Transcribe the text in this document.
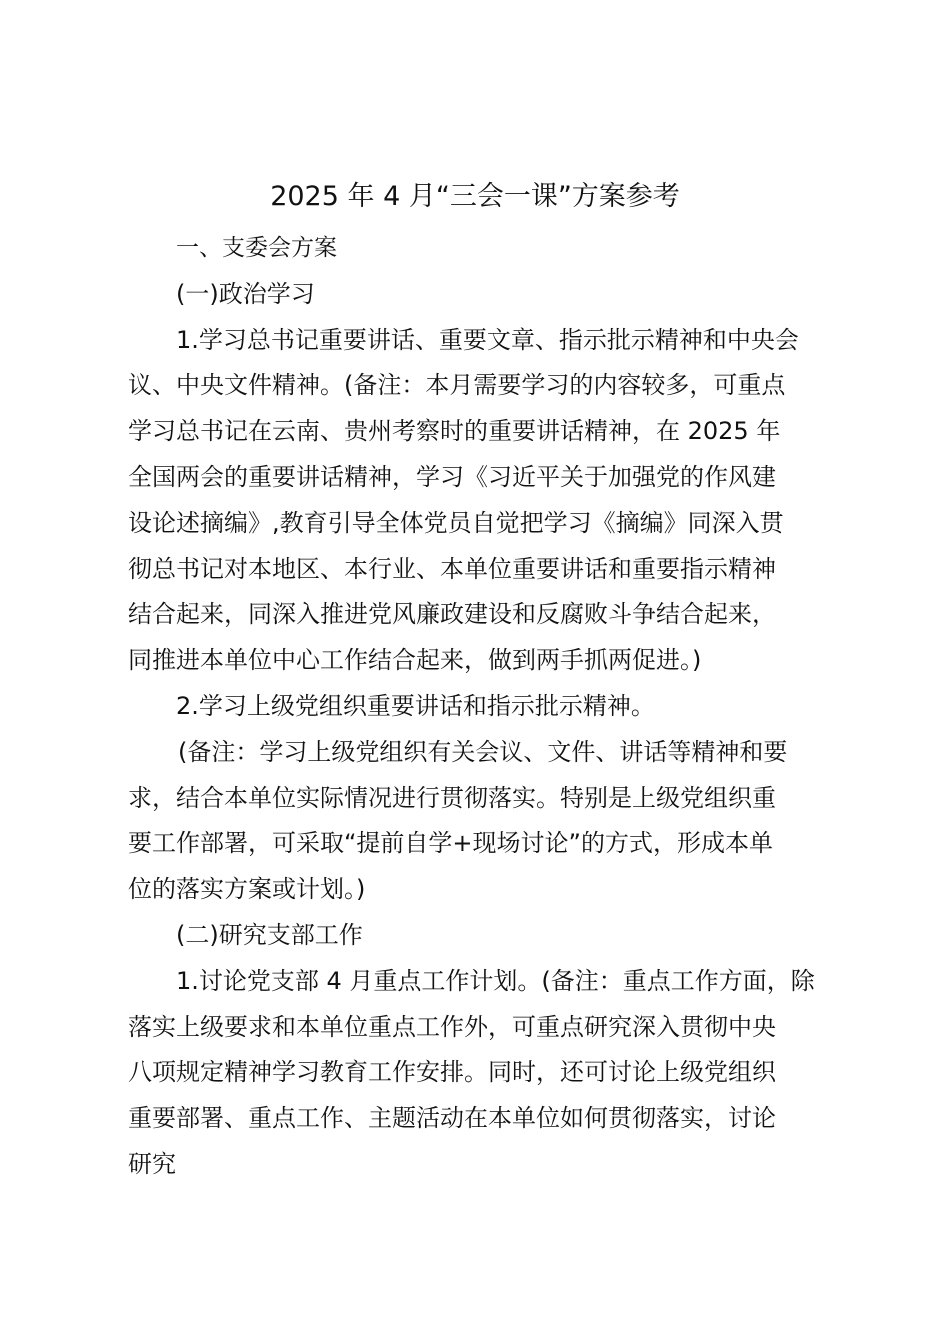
2025 年 4 月“三会一课”方案参考

一、支委会方案

(一)政治学习

1.学习总书记重要讲话、重要文章、指示批示精神和中央会

议、中央文件精神。(备注：本月需要学习的内容较多，可重点

学习总书记在云南、贵州考察时的重要讲话精神，在 2025 年

全国两会的重要讲话精神，学习《习近平关于加强党的作风建

设论述摘编》,教育引导全体党员自觉把学习《摘编》同深入贯

彻总书记对本地区、本行业、本单位重要讲话和重要指示精神

结合起来，同深入推进党风廉政建设和反腐败斗争结合起来，

同推进本单位中心工作结合起来，做到两手抓两促进。)

2.学习上级党组织重要讲话和指示批示精神。

(备注：学习上级党组织有关会议、文件、讲话等精神和要

求，结合本单位实际情况进行贯彻落实。特别是上级党组织重

要工作部署，可采取“提前自学+现场讨论”的方式，形成本单

位的落实方案或计划。)

(二)研究支部工作

1.讨论党支部 4 月重点工作计划。(备注：重点工作方面，除

落实上级要求和本单位重点工作外，可重点研究深入贯彻中央

八项规定精神学习教育工作安排。同时，还可讨论上级党组织

重要部署、重点工作、主题活动在本单位如何贯彻落实，讨论

研究
